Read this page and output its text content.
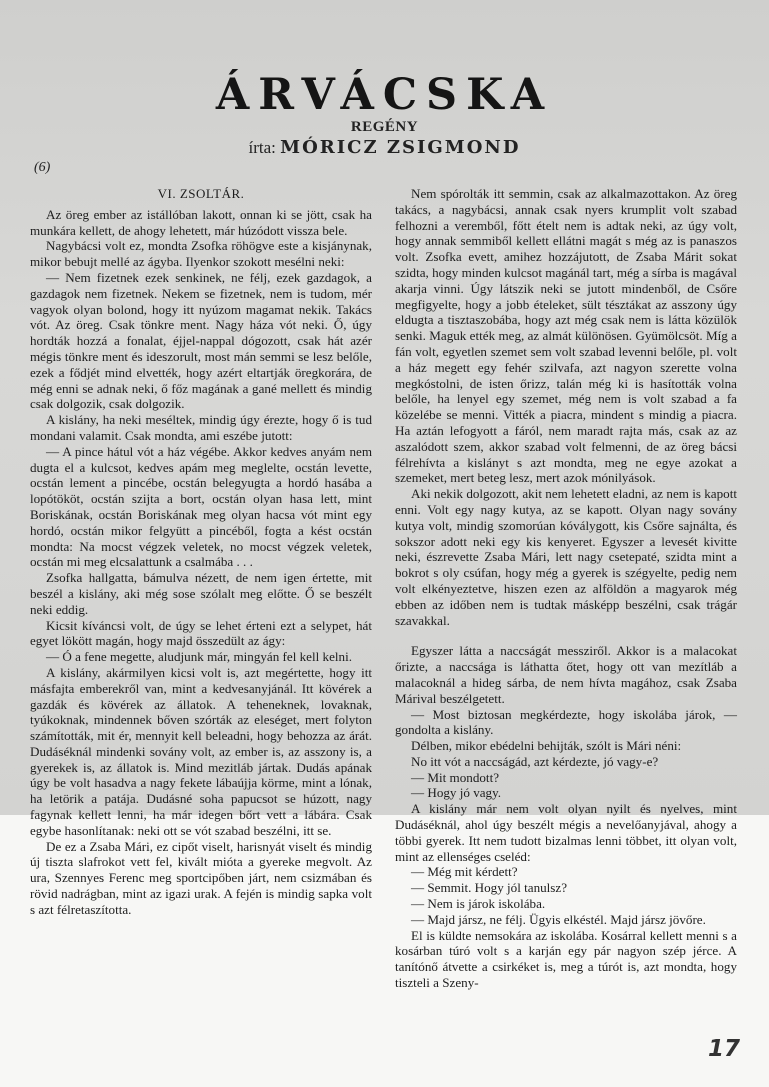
ÁRVÁCSKA
REGÉNY
írta: MÓRICZ ZSIGMOND
(6)
VI. ZSOLTÁR.

Az öreg ember az istállóban lakott, onnan ki se jött, csak ha munkára kellett, de ahogy lehetett, már húzódott vissza bele.

Nagybácsi volt ez, mondta Zsofka röhögve este a kisjánynak, mikor bebujt mellé az ágyba. Ilyenkor szokott mesélni neki:

— Nem fizetnek ezek senkinek, ne félj, ezek gazdagok, a gazdagok nem fizetnek. Nekem se fizetnek, nem is tudom, mér vagyok olyan bolond, hogy itt nyúzom magamat nekik. Takács vót. Az öreg. Csak tönkre ment. Nagy háza vót neki. Ő, úgy hordták hozzá a fonalat, éjjel-nappal dógozott, csak hát azér mégis tönkre ment és ideszorult, most mán semmi se lesz belőle, ezek a fődjét mind elvették, hogy azért eltartják öregkorára, de még enni se adnak neki, ő főz magának a gané mellett és mindig csak dolgozik, csak dolgozik.

A kislány, ha neki meséltek, mindig úgy érezte, hogy ő is tud mondani valamit. Csak mondta, ami eszébe jutott:

— A pince hátul vót a ház végébe. Akkor kedves anyám nem dugta el a kulcsot, kedves apám meg meglelte, ocstán levette, ocstán lement a pincébe, ocstán belegyugta a hordó hasába a lopótököt, ocstán szijta a bort, ocstán olyan hasa lett, mint Boriskának, ocstán Boriskának meg olyan hacsa vót mint egy hordó, ocstán mikor felgyütt a pincéből, fogta a kést ocstán mondta: Na mocst végzek veletek, no mocst végzek veletek, ocstán mi meg elcsalattunk a csalmába . . .

Zsofka hallgatta, bámulva nézett, de nem igen értette, mit beszél a kislány, aki még sose szólalt meg előtte. Ő se beszélt neki eddig.

Kicsit kíváncsi volt, de úgy se lehet érteni ezt a selypet, hát egyet lökött magán, hogy majd összedült az ágy:

— Ó a fene megette, aludjunk már, mingyán fel kell kelni.

A kislány, akármilyen kicsi volt is, azt megértette, hogy itt másfajta emberekről van, mint a kedvesanyjánál. Itt kövérek a gazdák és kövérek az állatok. A teheneknek, lovaknak, tyúkoknak, mindennek bőven szórták az eleséget, mert folyton számították, mit ér, mennyit kell beleadni, hogy behozza az árát. Dudáséknál mindenki sovány volt, az ember is, az asszony is, a gyerekek is, az állatok is. Mind mezitláb jártak. Dudás apának úgy be volt hasadva a nagy fekete lábaújja körme, mint a lónak, ha letörik a patája. Dudásné soha papucsot se húzott, nagy fagynak kellett lenni, ha már idegen bőrt vett a lábára. Csak egybe hasonlítanak: neki ott se vót szabad beszélni, itt se.

De ez a Zsaba Mári, ez cipőt viselt, harisnyát viselt és mindig új tiszta slafrokot vett fel, kivált mióta a gyereke megvolt. Az ura, Szennyes Ferenc meg sportcipőben járt, nem csizmában és rövid nadrágban, mint az igazi urak. A fején is mindig sapka volt s azt félretaszította.

Nem spórolták itt semmin, csak az alkalmazottakon. Az öreg takács, a nagybácsi, annak csak nyers krumplit volt szabad felhozni a veremből, főtt ételt nem is adtak neki, az úgy volt, hogy annak semmiből kellett ellátni magát s még az is panaszos volt. Zsofka evett, amihez hozzájutott, de Zsaba Márit sokat szidta, hogy minden kulcsot magánál tart, még a sírba is magával akarja vinni. Úgy látszik neki se jutott mindenből, de Csőre megfigyelte, hogy a jobb ételeket, sült tésztákat az asszony úgy eldugta a tisztaszobába, hogy azt még csak nem is látta közülök senki. Maguk ették meg, az almát különösen. Gyümölcsöt. Míg a fán volt, egyetlen szemet sem volt szabad levenni belőle, pl. volt a ház megett egy fehér szilvafa, azt nagyon szerette volna megkóstolni, de isten őrizz, talán még ki is hasították volna belőle, ha lenyel egy szemet, még nem is volt szabad a fa közelébe se menni. Vitték a piacra, mindent s mindig a piacra. Ha aztán lefogyott a fáról, nem maradt rajta más, csak az az aszalódott szem, akkor szabad volt felmenni, de az öreg bácsi félrehívta a kislányt s azt mondta, meg ne egye azokat a szemeket, mert beteg lesz, mert azok mónilyások.

Aki nekik dolgozott, akit nem lehetett eladni, az nem is kapott enni. Volt egy nagy kutya, az se kapott. Olyan nagy sovány kutya volt, mindig szomorúan kóválygott, kis Csőre sajnálta, és sokszor adott neki egy kis kenyeret. Egyszer a levesét kivitte neki, észrevette Zsaba Mári, lett nagy csetepaté, szidta mint a bokrot s oly csúfan, hogy még a gyerek is szégyelte, pedig nem volt elkényeztetve, hiszen ezen az alföldön a magyarok még ebben az időben nem is tudtak másképp beszélni, csak trágár szavakkal.

Egyszer látta a naccságát messziről. Akkor is a malacokat őrizte, a naccsága is láthatta őtet, hogy ott van mezítláb a malacoknál a hideg sárba, de nem hívta magához, csak Zsaba Márival beszélgetett.

— Most biztosan megkérdezte, hogy iskolába járok, — gondolta a kislány.

Délben, mikor ebédelni behijták, szólt is Mári néni:

No itt vót a naccságád, azt kérdezte, jó vagy-e?

— Mit mondott?

— Hogy jó vagy.

A kislány már nem volt olyan nyilt és nyelves, mint Dudáséknál, ahol úgy beszélt mégis a nevelőanyjával, ahogy a többi gyerek. Itt nem tudott bizalmas lenni többet, itt olyan volt, mint az ellenséges cseléd:

— Még mit kérdett?

— Semmit. Hogy jól tanulsz?

— Nem is járok iskolába.

— Majd jársz, ne félj. Ügyis elkéstél. Majd jársz jövőre.

El is küldte nemsokára az iskolába. Kosárral kellett menni s a kosárban túró volt s a karján egy pár nagyon szép jérce. A tanítónő átvette a csirkéket is, meg a túrót is, azt mondta, hogy tiszteli a Szeny-

17
